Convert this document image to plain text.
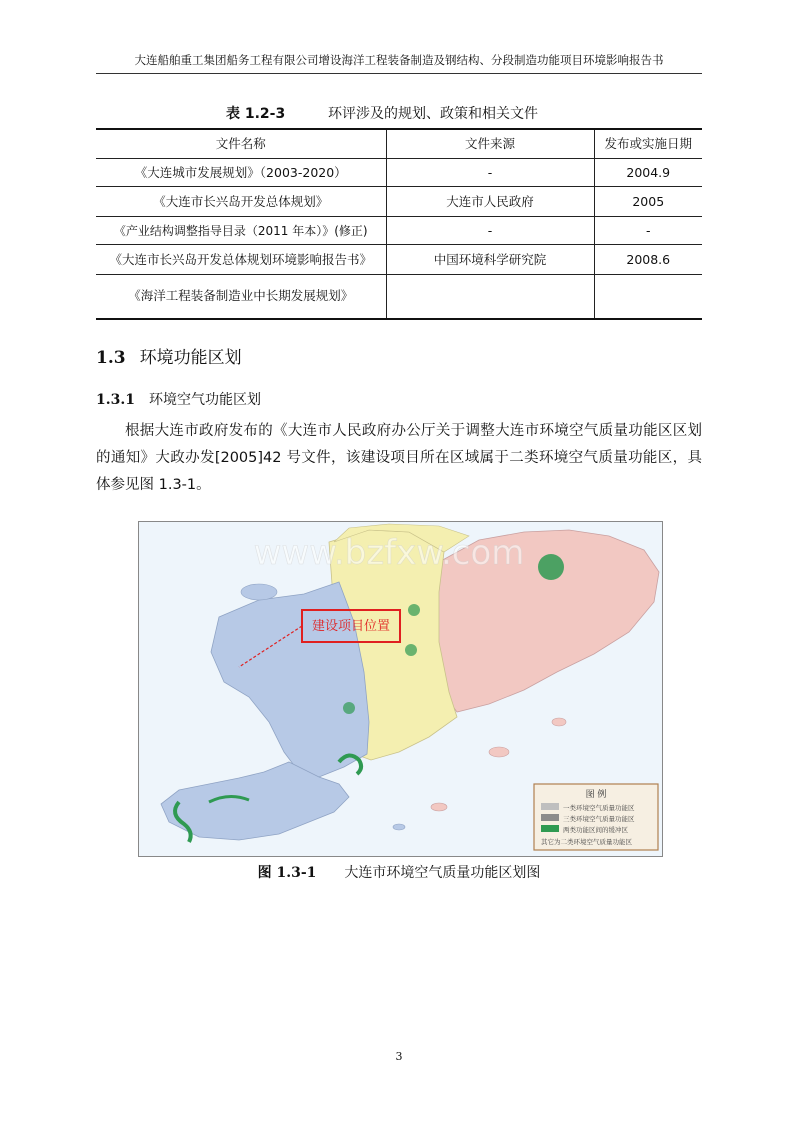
大连船舶重工集团船务工程有限公司增设海洋工程装备制造及钢结构、分段制造功能项目环境影响报告书
表 1.2-3	环评涉及的规划、政策和相关文件
文件名称	文件来源	发布或实施日期
《大连城市发展规划》（2003-2020）	-	2004.9
《大连市长兴岛开发总体规划》	大连市人民政府	2005
《产业结构调整指导目录（2011 年本）》(修正)	-	-
《大连市长兴岛开发总体规划环境影响报告书》	中国环境科学研究院	2008.6
《海洋工程装备制造业中长期发展规划》		
1.3 环境功能区划
1.3.1 环境空气功能区划

根据大连市政府发布的《大连市人民政府办公厅关于调整大连市环境空气质量功能区区划的通知》大政办发[2005]42 号文件，该建设项目所在区域属于二类环境空气质量功能区，具体参见图 1.3-1。

建设项目位置
www.bzfxw.com
图 例
一类环境空气质量功能区
三类环境空气质量功能区
两类功能区间的缓冲区
其它为二类环境空气质量功能区
图 1.3-1 大连市环境空气质量功能区划图
3
